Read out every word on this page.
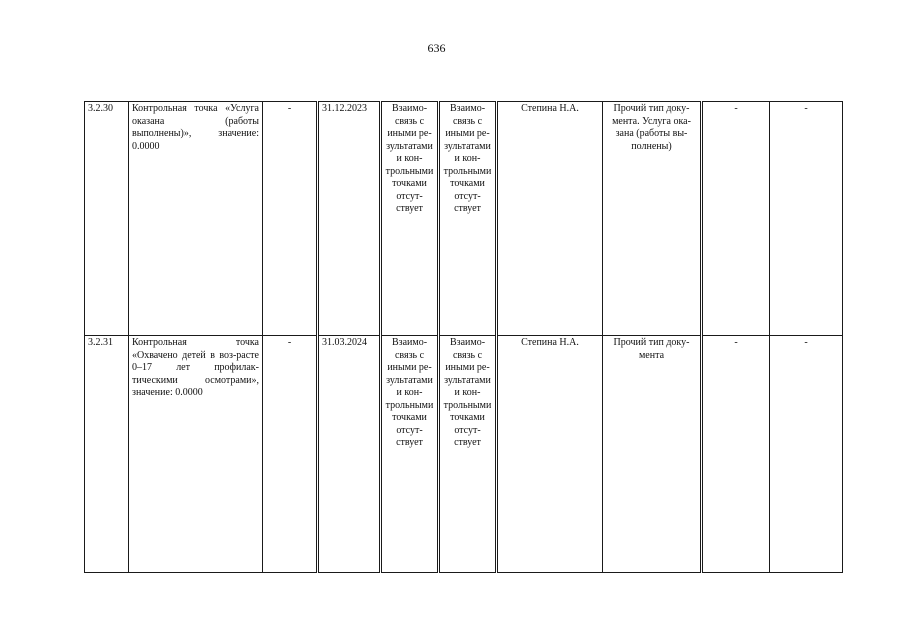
636
3.2.30	Контрольная точка «Услуга оказана (работы выполнены)», значение: 0.0000	-	31.12.2023	Взаимо-связь с иными ре-зультатами и кон-трольными точками отсут-ствует	Взаимо-связь с иными ре-зультатами и кон-трольными точками отсут-ствует	Степина Н.А.	Прочий тип доку-мента. Услуга ока-зана (работы вы-полнены)	-	-
3.2.31	Контрольная точка «Охвачено детей в воз-расте 0–17 лет профилак-тическими осмотрами», значение: 0.0000	-	31.03.2024	Взаимо-связь с иными ре-зультатами и кон-трольными точками отсут-ствует	Взаимо-связь с иными ре-зультатами и кон-трольными точками отсут-ствует	Степина Н.А.	Прочий тип доку-мента	-	-
